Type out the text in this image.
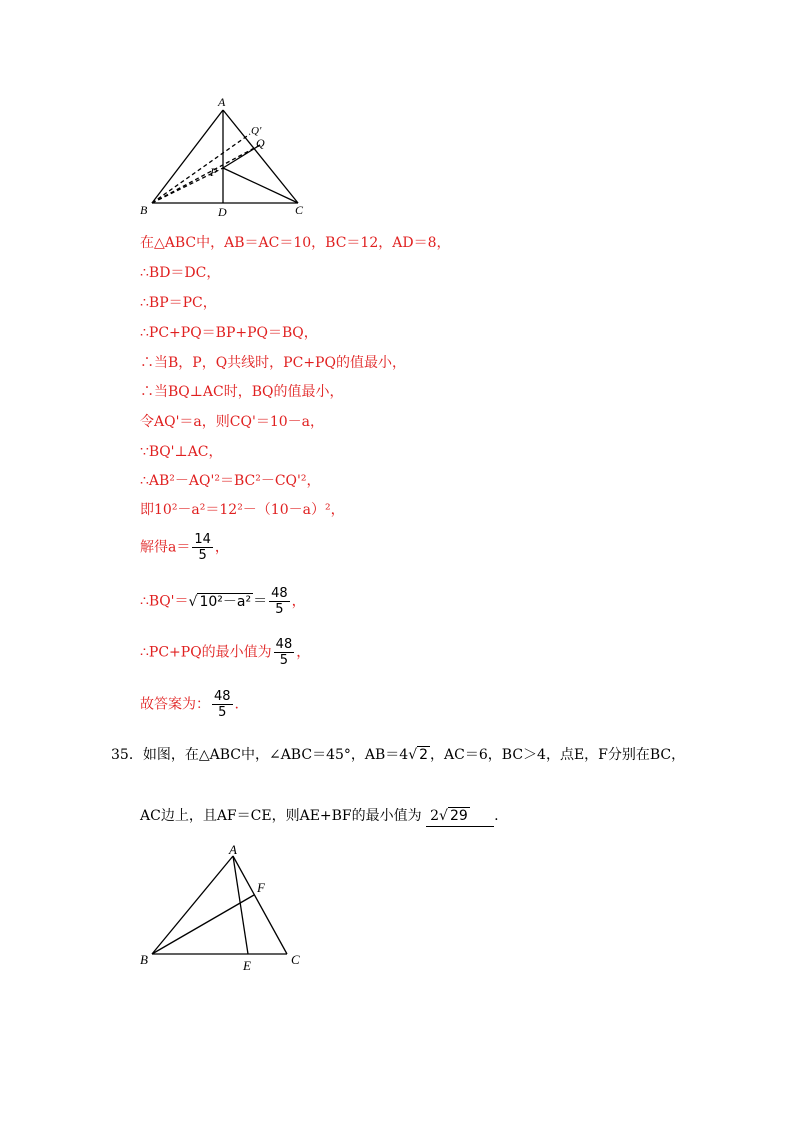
A
B	C
D
P
Q
Q'
在△ABC中，AB＝AC＝10，BC＝12，AD＝8，
∴BD＝DC，
∴BP＝PC，
∴PC+PQ＝BP+PQ＝BQ，
∴当B，P，Q共线时，PC+PQ的值最小，
∴当BQ⊥AC时，BQ的值最小，
令AQ'＝a，则CQ'＝10－a，
∵BQ'⊥AC，
∴AB²－AQ'²＝BC²－CQ'²，
即10²－a²＝12²－（10－a）²，
解得$a= \frac{14}{5}$ ，
∴BQ'＝√ $10^2-a^2 = \frac{48}{5}$ ，
∴PC+PQ的最小值为 $\frac{48}{5}$ ，
故答案为： $\frac{48}{5}$ .
35．如图，在△ABC中，∠ABC＝45°，AB＝4√ 2 ，AC＝6，BC＞4，点E，F分别在BC，
AC边上，且AF＝CE，则AE+BF的最小值为 2√ 29 .
A
B	C
E
F
